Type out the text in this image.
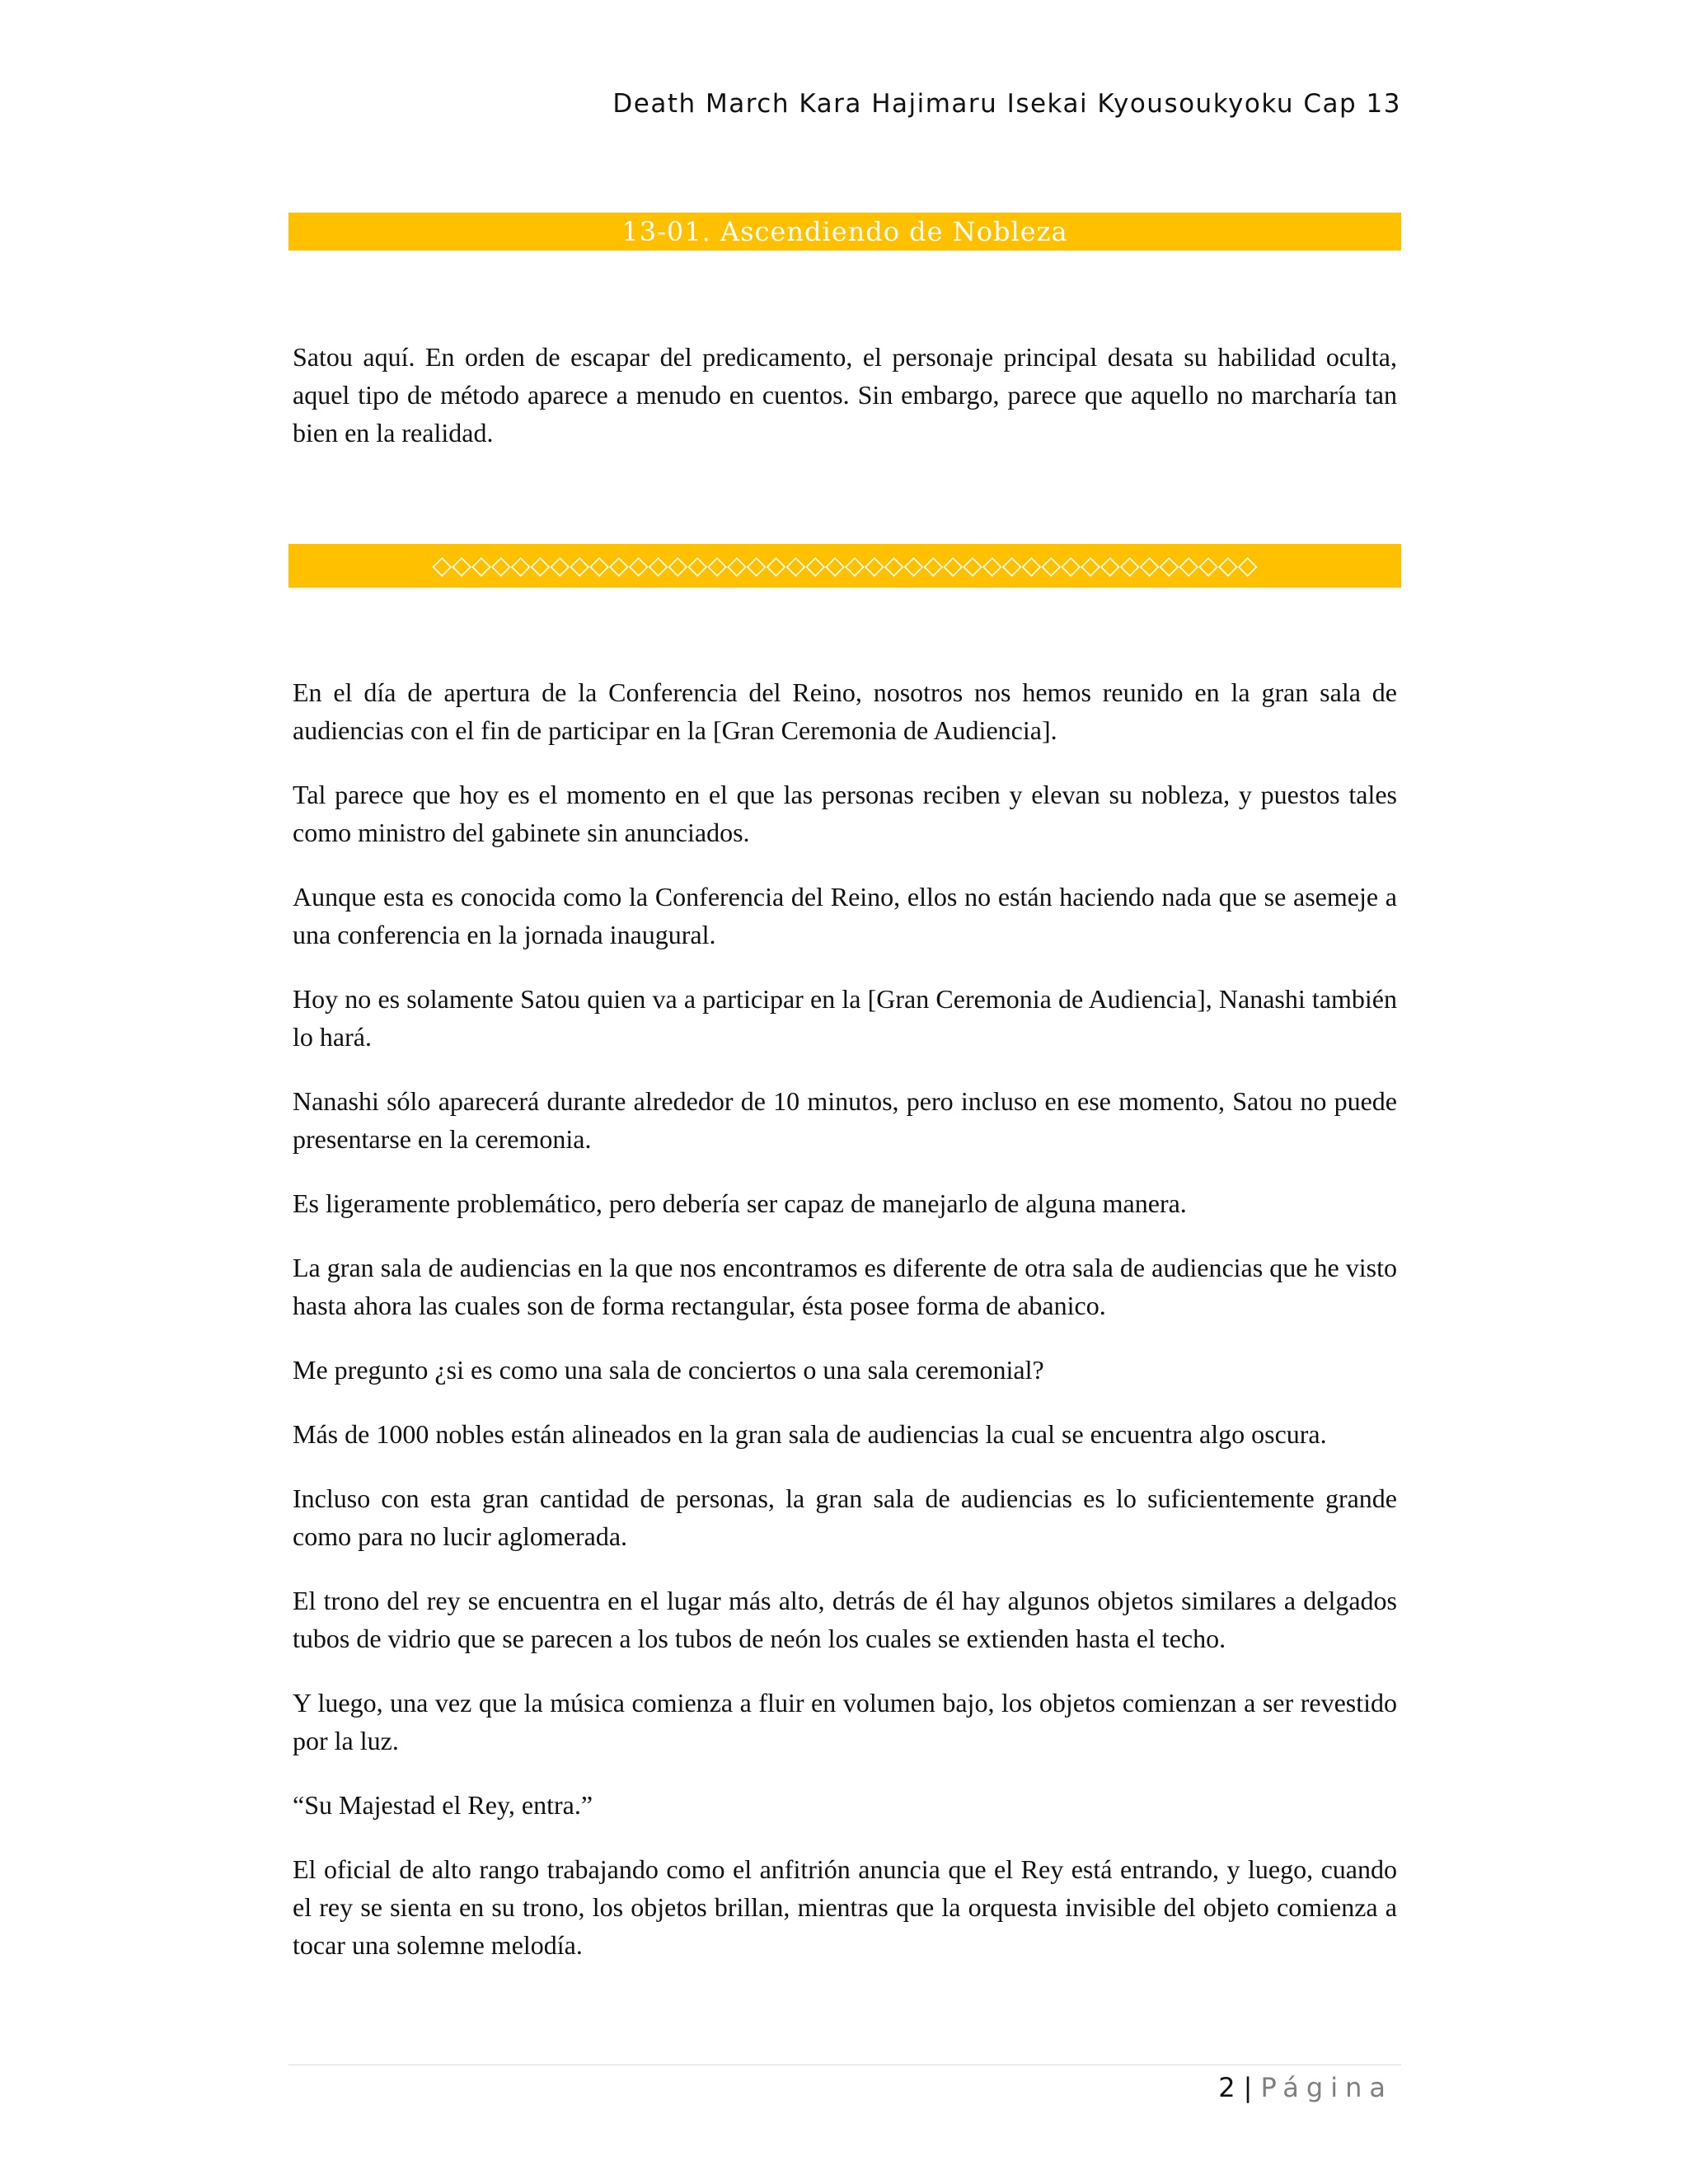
Death March Kara Hajimaru Isekai Kyousoukyoku Cap 13
13-01. Ascendiendo de Nobleza

Satou aquí. En orden de escapar del predicamento, el personaje principal desata su habilidad oculta, aquel tipo de método aparece a menudo en cuentos. Sin embargo, parece que aquello no marcharía tan bien en la realidad.

◇◇◇◇◇◇◇◇◇◇◇◇◇◇◇◇◇◇◇◇◇◇◇◇◇◇◇◇◇◇◇◇◇◇◇◇◇◇◇◇◇◇

En el día de apertura de la Conferencia del Reino, nosotros nos hemos reunido en la gran sala de audiencias con el fin de participar en la [Gran Ceremonia de Audiencia].

Tal parece que hoy es el momento en el que las personas reciben y elevan su nobleza, y puestos tales como ministro del gabinete sin anunciados.

Aunque esta es conocida como la Conferencia del Reino, ellos no están haciendo nada que se asemeje a una conferencia en la jornada inaugural.

Hoy no es solamente Satou quien va a participar en la [Gran Ceremonia de Audiencia], Nanashi también lo hará.

Nanashi sólo aparecerá durante alrededor de 10 minutos, pero incluso en ese momento, Satou no puede presentarse en la ceremonia.

Es ligeramente problemático, pero debería ser capaz de manejarlo de alguna manera.

La gran sala de audiencias en la que nos encontramos es diferente de otra sala de audiencias que he visto hasta ahora las cuales son de forma rectangular, ésta posee forma de abanico.

Me pregunto ¿si es como una sala de conciertos o una sala ceremonial?

Más de 1000 nobles están alineados en la gran sala de audiencias la cual se encuentra algo oscura.

Incluso con esta gran cantidad de personas, la gran sala de audiencias es lo suficientemente grande como para no lucir aglomerada.

El trono del rey se encuentra en el lugar más alto, detrás de él hay algunos objetos similares a delgados tubos de vidrio que se parecen a los tubos de neón los cuales se extienden hasta el techo.

Y luego, una vez que la música comienza a fluir en volumen bajo, los objetos comienzan a ser revestido por la luz.

“Su Majestad el Rey, entra.”

El oficial de alto rango trabajando como el anfitrión anuncia que el Rey está entrando, y luego, cuando el rey se sienta en su trono, los objetos brillan, mientras que la orquesta invisible del objeto comienza a tocar una solemne melodía.

2 | Página
